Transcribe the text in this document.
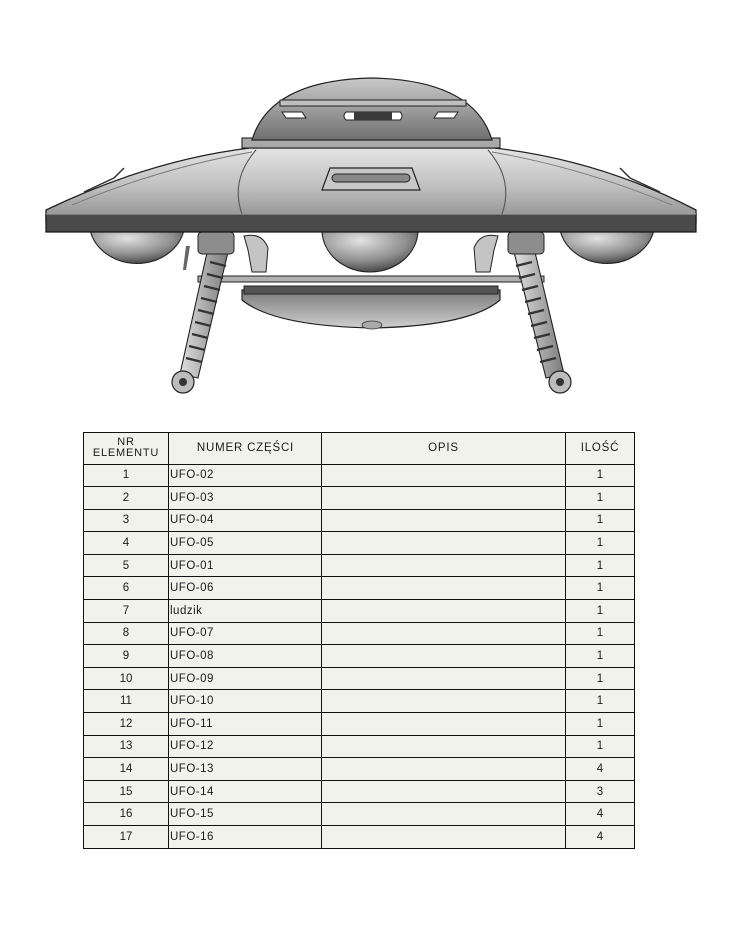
NR
ELEMENTU	NUMER CZĘŚCI	OPIS	ILOŚĆ
1	UFO-02		1
2	UFO-03		1
3	UFO-04		1
4	UFO-05		1
5	UFO-01		1
6	UFO-06		1
7	ludzik		1
8	UFO-07		1
9	UFO-08		1
10	UFO-09		1
11	UFO-10		1
12	UFO-11		1
13	UFO-12		1
14	UFO-13		4
15	UFO-14		3
16	UFO-15		4
17	UFO-16		4
